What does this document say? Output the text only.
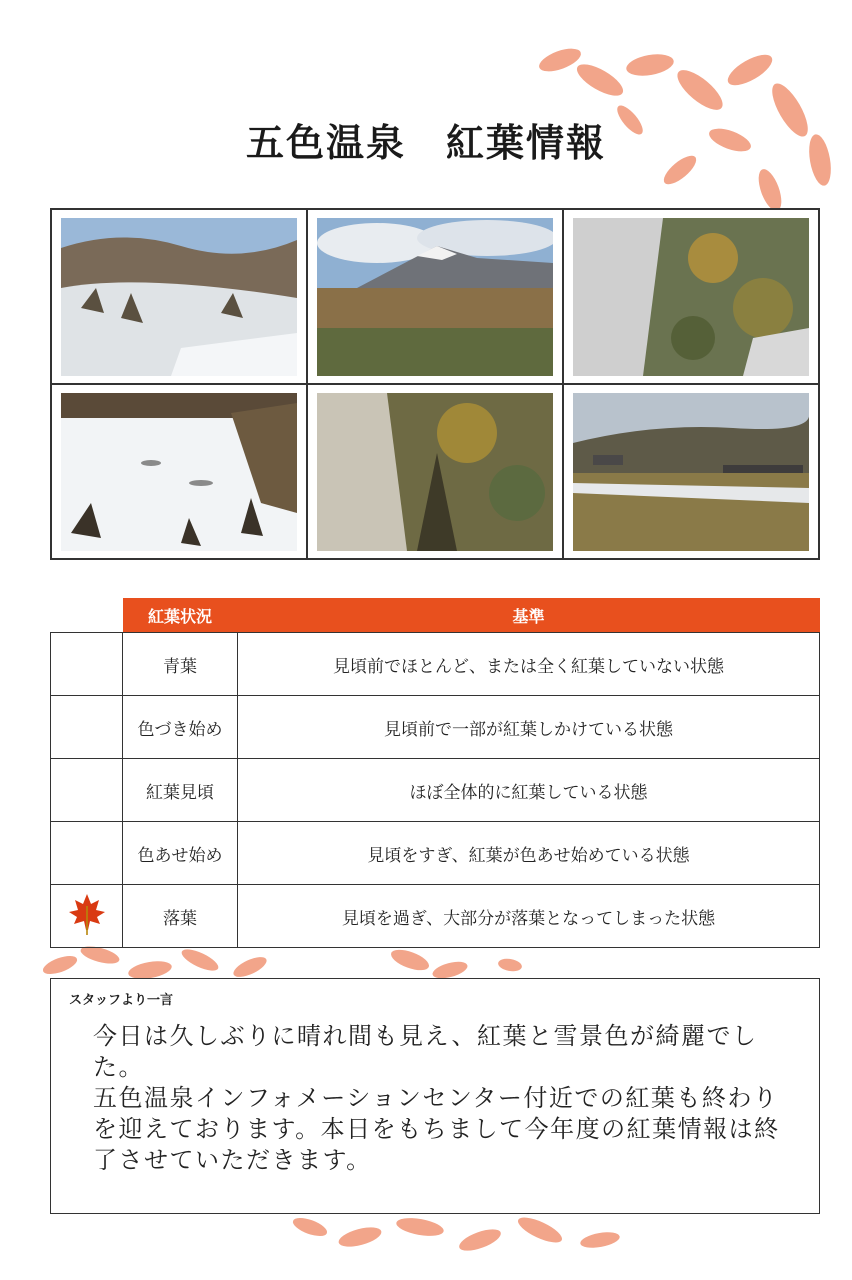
五色温泉　紅葉情報
	紅葉状況	基準
	青葉	見頃前でほとんど、または全く紅葉していない状態
	色づき始め	見頃前で一部が紅葉しかけている状態
	紅葉見頃	ほぼ全体的に紅葉している状態
	色あせ始め	見頃をすぎ、紅葉が色あせ始めている状態
	落葉	見頃を過ぎ、大部分が落葉となってしまった状態
スタッフより一言
今日は久しぶりに晴れ間も見え、紅葉と雪景色が綺麗でした。
五色温泉インフォメーションセンター付近での紅葉も終わりを迎えております。本日をもちまして今年度の紅葉情報は終了させていただきます。
